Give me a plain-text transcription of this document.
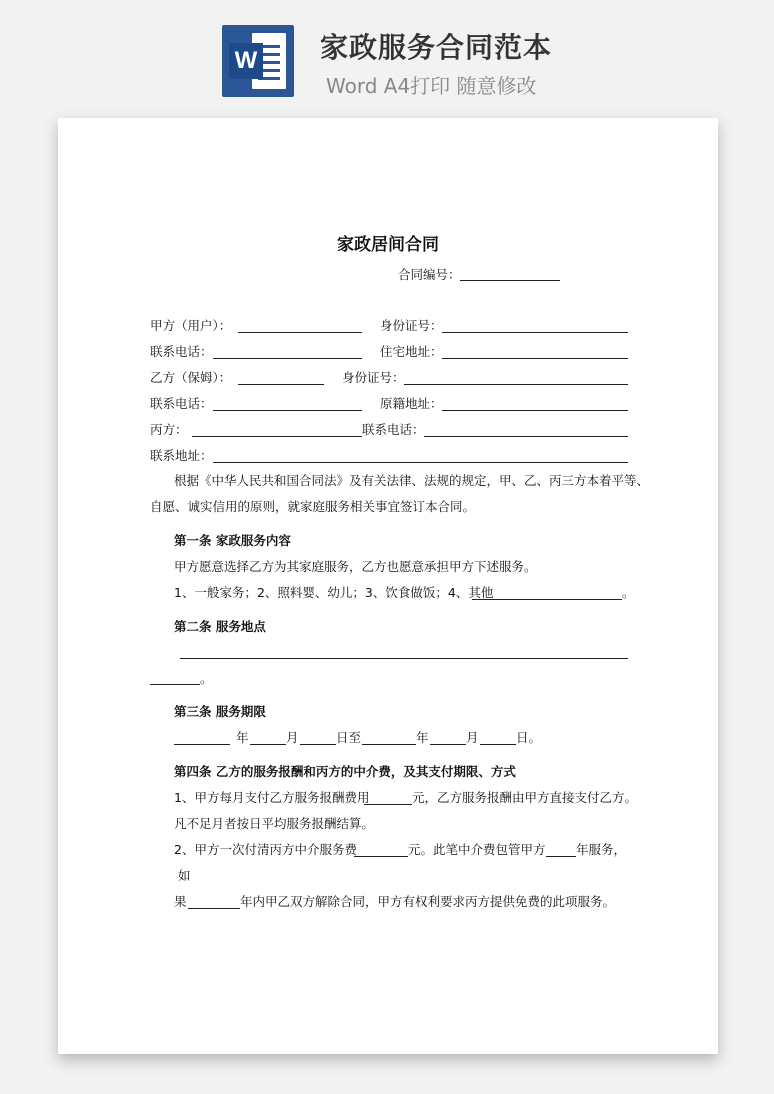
W 家政服务合同范本
Word A4打印 随意修改

家政居间合同
合同编号：
甲方（用户）：	身份证号：
联系电话：	住宅地址：
乙方（保姆）：	身份证号：
联系电话：	原籍地址：
丙方：	联系电话：
联系地址：
根据《中华人民共和国合同法》及有关法律、法规的规定，甲、乙、丙三方本着平等、
自愿、诚实信用的原则，就家庭服务相关事宜签订本合同。
第一条 家政服务内容
甲方愿意选择乙方为其家庭服务，乙方也愿意承担甲方下述服务。
1、一般家务；2、照料婴、幼儿；3、饮食做饭；4、其他	。
第二条 服务地点
。
第三条 服务期限
年	月	日至	年	月	日。
第四条 乙方的服务报酬和丙方的中介费，及其支付期限、方式
1、甲方每月支付乙方服务报酬费用	元，乙方服务报酬由甲方直接支付乙方。
凡不足月者按日平均服务报酬结算。
2、甲方一次付清丙方中介服务费	元。此笔中介费包管甲方 年服务，
如
果	年内甲乙双方解除合同，甲方有权利要求丙方提供免费的此项服务。
